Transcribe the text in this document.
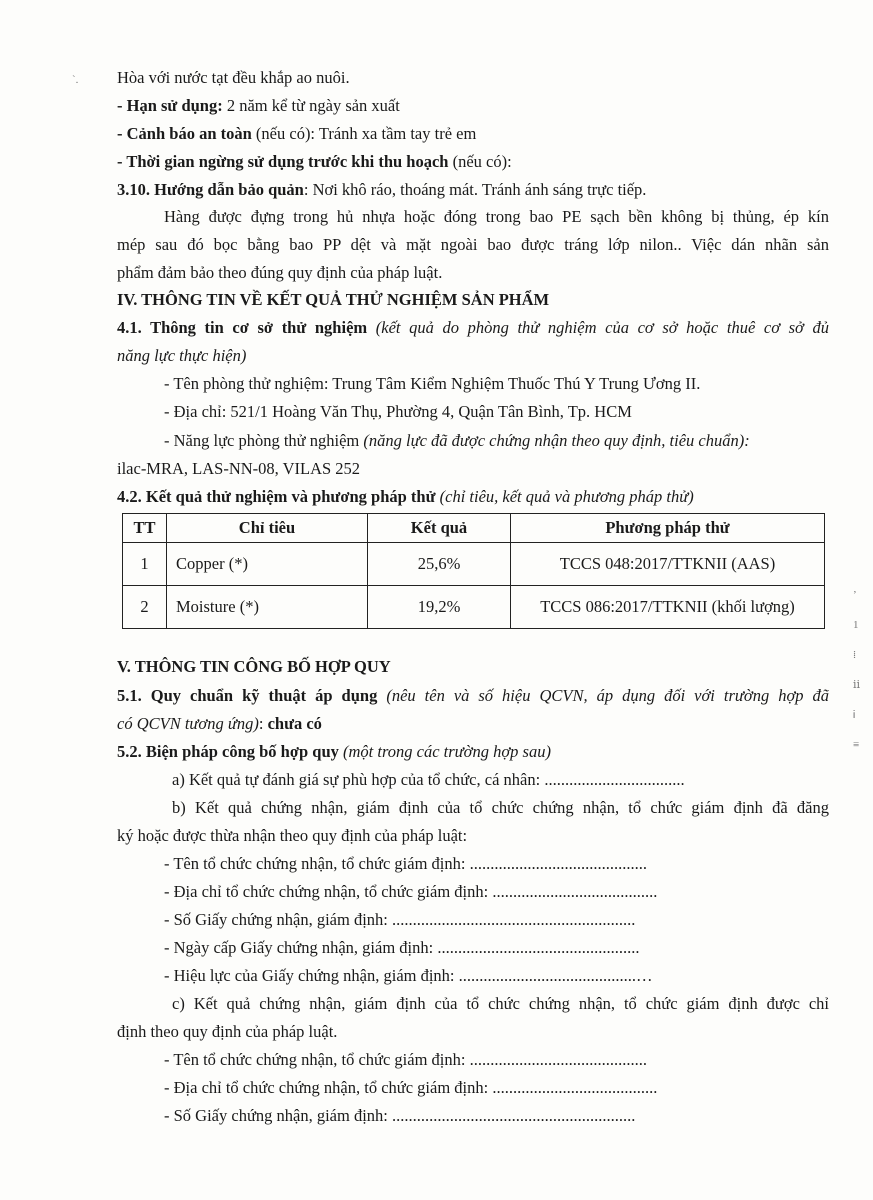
ˋ.
ʼ
1
⁞
ⅱ
Ꭵ
≡
Hòa với nước tạt đều khắp ao nuôi.
- Hạn sử dụng: 2 năm kể từ ngày sản xuất
- Cảnh báo an toàn (nếu có): Tránh xa tầm tay trẻ em
- Thời gian ngừng sử dụng trước khi thu hoạch (nếu có):
3.10. Hướng dẫn bảo quản: Nơi khô ráo, thoáng mát. Tránh ánh sáng trực tiếp.
Hàng được đựng trong hủ nhựa hoặc đóng trong bao PE sạch bền không bị thủng, ép kín
mép sau đó bọc bằng bao PP dệt và mặt ngoài bao được tráng lớp nilon.. Việc dán nhãn sản
phẩm đảm bảo theo đúng quy định của pháp luật.
IV. THÔNG TIN VỀ KẾT QUẢ THỬ NGHIỆM SẢN PHẨM
4.1. Thông tin cơ sở thử nghiệm (kết quả do phòng thử nghiệm của cơ sở hoặc thuê cơ sở đủ
năng lực thực hiện)
- Tên phòng thử nghiệm: Trung Tâm Kiểm Nghiệm Thuốc Thú Y Trung Ương II.
- Địa chỉ: 521/1 Hoàng Văn Thụ, Phường 4, Quận Tân Bình, Tp. HCM
- Năng lực phòng thử nghiệm (năng lực đã được chứng nhận theo quy định, tiêu chuẩn):
ilac-MRA, LAS-NN-08, VILAS 252
4.2. Kết quả thử nghiệm và phương pháp thử (chỉ tiêu, kết quả và phương pháp thử)
TT	Chỉ tiêu	Kết quả	Phương pháp thử
1	Copper (*)	25,6%	TCCS 048:2017/TTKNII (AAS)
2	Moisture (*)	19,2%	TCCS 086:2017/TTKNII (khối lượng)
V. THÔNG TIN CÔNG BỐ HỢP QUY
5.1. Quy chuẩn kỹ thuật áp dụng (nêu tên và số hiệu QCVN, áp dụng đối với trường hợp đã
có QCVN tương ứng): chưa có
5.2. Biện pháp công bố hợp quy (một trong các trường hợp sau)
a) Kết quả tự đánh giá sự phù hợp của tổ chức, cá nhân: ..................................
b) Kết quả chứng nhận, giám định của tổ chức chứng nhận, tổ chức giám định đã đăng
ký hoặc được thừa nhận theo quy định của pháp luật:
- Tên tổ chức chứng nhận, tổ chức giám định: ...........................................
- Địa chỉ tổ chức chứng nhận, tổ chức giám định: ........................................
- Số Giấy chứng nhận, giám định: ...........................................................
- Ngày cấp Giấy chứng nhận, giám định: .................................................
- Hiệu lực của Giấy chứng nhận, giám định: ...........................................…
c) Kết quả chứng nhận, giám định của tổ chức chứng nhận, tổ chức giám định được chỉ
định theo quy định của pháp luật.
- Tên tổ chức chứng nhận, tổ chức giám định: ...........................................
- Địa chỉ tổ chức chứng nhận, tổ chức giám định: ........................................
- Số Giấy chứng nhận, giám định: ...........................................................
